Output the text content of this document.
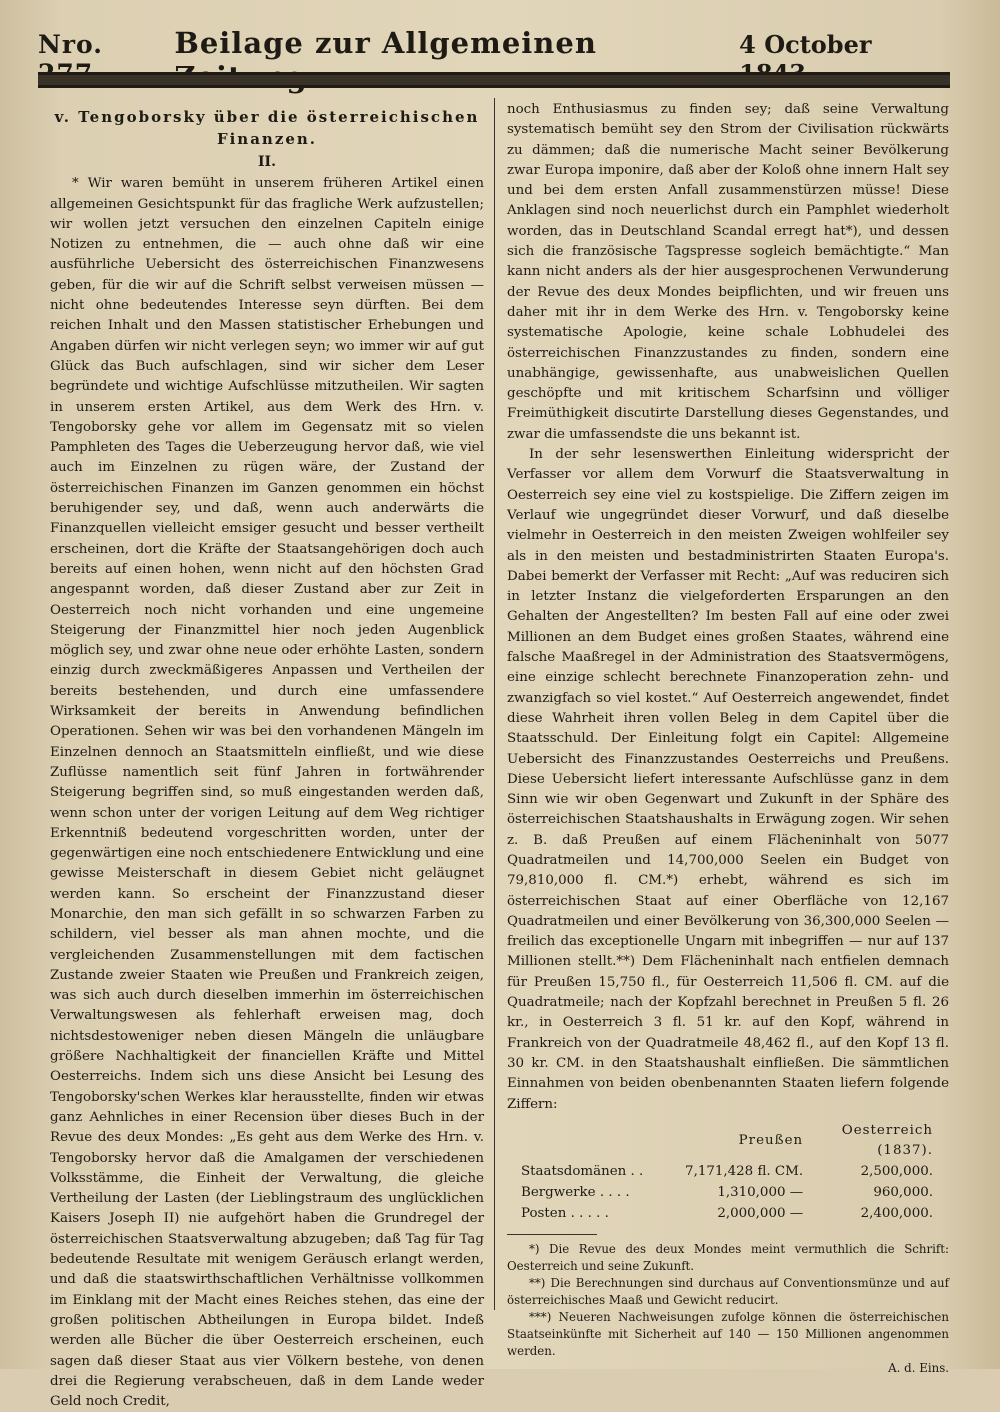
Nro.	Beilage zur Allgemeinen	4 October
v. Tengoborsky über die österreichischen Finanzen.
II.

* Wir waren bemüht in unserem früheren Artikel einen allgemeinen Gesichtspunkt für das fragliche Werk aufzustellen; wir wollen jetzt versuchen den einzelnen Capiteln einige Notizen zu entnehmen, die — auch ohne daß wir eine ausführliche Uebersicht des österreichischen Finanzwesens geben, für die wir auf die Schrift selbst verweisen müssen — nicht ohne bedeutendes Interesse seyn dürften. Bei dem reichen Inhalt und den Massen statistischer Erhebungen und Angaben dürfen wir nicht verlegen seyn; wo immer wir auf gut Glück das Buch aufschlagen, sind wir sicher dem Leser begründete und wichtige Aufschlüsse mitzutheilen. Wir sagten in unserem ersten Artikel, aus dem Werk des Hrn. v. Tengoborsky gehe vor allem im Gegensatz mit so vielen Pamphleten des Tages die Ueberzeugung hervor daß, wie viel auch im Einzelnen zu rügen wäre, der Zustand der österreichischen Finanzen im Ganzen genommen ein höchst beruhigender sey, und daß, wenn auch anderwärts die Finanzquellen vielleicht emsiger gesucht und besser vertheilt erscheinen, dort die Kräfte der Staatsangehörigen doch auch bereits auf einen hohen, wenn nicht auf den höchsten Grad angespannt worden, daß dieser Zustand aber zur Zeit in Oesterreich noch nicht vorhanden und eine ungemeine Steigerung der Finanzmittel hier noch jeden Augenblick möglich sey, und zwar ohne neue oder erhöhte Lasten, sondern einzig durch zweckmäßigeres Anpassen und Vertheilen der bereits bestehenden, und durch eine umfassendere Wirksamkeit der bereits in Anwendung befindlichen Operationen. Sehen wir was bei den vorhandenen Mängeln im Einzelnen dennoch an Staatsmitteln einfließt, und wie diese Zuflüsse namentlich seit fünf Jahren in fortwährender Steigerung begriffen sind, so muß eingestanden werden daß, wenn schon unter der vorigen Leitung auf dem Weg richtiger Erkenntniß bedeutend vorgeschritten worden, unter der gegenwärtigen eine noch entschiedenere Entwicklung und eine gewisse Meisterschaft in diesem Gebiet nicht geläugnet werden kann. So erscheint der Finanzzustand dieser Monarchie, den man sich gefällt in so schwarzen Farben zu schildern, viel besser als man ahnen mochte, und die vergleichenden Zusammenstellungen mit dem factischen Zustande zweier Staaten wie Preußen und Frankreich zeigen, was sich auch durch dieselben immerhin im österreichischen Verwaltungswesen als fehlerhaft erweisen mag, doch nichtsdestoweniger neben diesen Mängeln die unläugbare größere Nachhaltigkeit der financiellen Kräfte und Mittel Oesterreichs. Indem sich uns diese Ansicht bei Lesung des Tengoborsky'schen Werkes klar herausstellte, finden wir etwas ganz Aehnliches in einer Recension über dieses Buch in der Revue des deux Mondes: „Es geht aus dem Werke des Hrn. v. Tengoborsky hervor daß die Amalgamen der verschiedenen Volksstämme, die Einheit der Verwaltung, die gleiche Vertheilung der Lasten (der Lieblingstraum des unglücklichen Kaisers Joseph II) nie aufgehört haben die Grundregel der österreichischen Staatsverwaltung abzugeben; daß Tag für Tag bedeutende Resultate mit wenigem Geräusch erlangt werden, und daß die staatswirthschaftlichen Verhältnisse vollkommen im Einklang mit der Macht eines Reiches stehen, das eine der großen politischen Abtheilungen in Europa bildet. Indeß werden alle Bücher die über Oesterreich erscheinen, euch sagen daß dieser Staat aus vier Völkern bestehe, von denen drei die Regierung verabscheuen, daß in dem Lande weder Geld noch Credit,

noch Enthusiasmus zu finden sey; daß seine Verwaltung systematisch bemüht sey den Strom der Civilisation rückwärts zu dämmen; daß die numerische Macht seiner Bevölkerung zwar Europa imponire, daß aber der Koloß ohne innern Halt sey und bei dem ersten Anfall zusammenstürzen müsse! Diese Anklagen sind noch neuerlichst durch ein Pamphlet wiederholt worden, das in Deutschland Scandal erregt hat*), und dessen sich die französische Tagspresse sogleich bemächtigte.“ Man kann nicht anders als der hier ausgesprochenen Verwunderung der Revue des deux Mondes beipflichten, und wir freuen uns daher mit ihr in dem Werke des Hrn. v. Tengoborsky keine systematische Apologie, keine schale Lobhudelei des österreichischen Finanzzustandes zu finden, sondern eine unabhängige, gewissenhafte, aus unabweislichen Quellen geschöpfte und mit kritischem Scharfsinn und völliger Freimüthigkeit discutirte Darstellung dieses Gegenstandes, und zwar die umfassendste die uns bekannt ist.

In der sehr lesenswerthen Einleitung widerspricht der Verfasser vor allem dem Vorwurf die Staatsverwaltung in Oesterreich sey eine viel zu kostspielige. Die Ziffern zeigen im Verlauf wie ungegründet dieser Vorwurf, und daß dieselbe vielmehr in Oesterreich in den meisten Zweigen wohlfeiler sey als in den meisten und bestadministrirten Staaten Europa's. Dabei bemerkt der Verfasser mit Recht: „Auf was reduciren sich in letzter Instanz die vielgeforderten Ersparungen an den Gehalten der Angestellten? Im besten Fall auf eine oder zwei Millionen an dem Budget eines großen Staates, während eine falsche Maaßregel in der Administration des Staatsvermögens, eine einzige schlecht berechnete Finanzoperation zehn- und zwanzigfach so viel kostet.“ Auf Oesterreich angewendet, findet diese Wahrheit ihren vollen Beleg in dem Capitel über die Staatsschuld. Der Einleitung folgt ein Capitel: Allgemeine Uebersicht des Finanzzustandes Oesterreichs und Preußens. Diese Uebersicht liefert interessante Aufschlüsse ganz in dem Sinn wie wir oben Gegenwart und Zukunft in der Sphäre des österreichischen Staatshaushalts in Erwägung zogen. Wir sehen z. B. daß Preußen auf einem Flächeninhalt von 5077 Quadratmeilen und 14,700,000 Seelen ein Budget von 79,810,000 fl. CM.*) erhebt, während es sich im österreichischen Staat auf einer Oberfläche von 12,167 Quadratmeilen und einer Bevölkerung von 36,300,000 Seelen — freilich das exceptionelle Ungarn mit inbegriffen — nur auf 137 Millionen stellt.**) Dem Flächeninhalt nach entfielen demnach für Preußen 15,750 fl., für Oesterreich 11,506 fl. CM. auf die Quadratmeile; nach der Kopfzahl berechnet in Preußen 5 fl. 26 kr., in Oesterreich 3 fl. 51 kr. auf den Kopf, während in Frankreich von der Quadratmeile 48,462 fl., auf den Kopf 13 fl. 30 kr. CM. in den Staatshaushalt einfließen. Die sämmtlichen Einnahmen von beiden obenbenannten Staaten liefern folgende Ziffern:

	Preußen	Oesterreich (1837).
Staatsdomänen . .	7,171,428 fl. CM.	2,500,000.
Bergwerke . . . .	1,310,000 —	960,000.
Posten . . . . .	2,000,000 —	2,400,000.

*) Die Revue des deux Mondes meint vermuthlich die Schrift: Oesterreich und seine Zukunft.

**) Die Berechnungen sind durchaus auf Conventionsmünze und auf österreichisches Maaß und Gewicht reducirt.

***) Neueren Nachweisungen zufolge können die österreichischen Staatseinkünfte mit Sicherheit auf 140 — 150 Millionen angenommen werden.

A. d. Eins.
